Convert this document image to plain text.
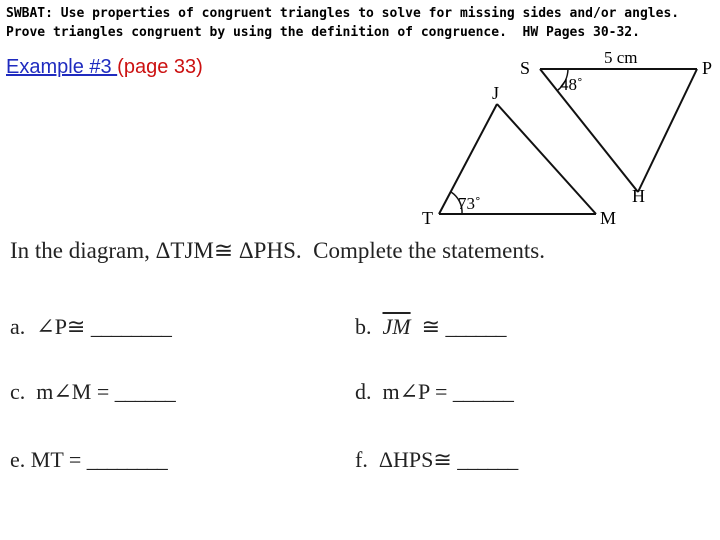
SWBAT: Use properties of congruent triangles to solve for missing sides and/or angles.
Prove triangles congruent by using the definition of congruence.  HW Pages 30-32.
Example #3 (page 33)	S	P
H
J
T	M
5 cm
48˚
73˚
In the diagram, ΔTJM≅ ΔPHS.  Complete the statements.
a. ∠P≅ ________	b. $\overline{JM}$ ≅ ______
c. m∠M = ______	d. m∠P = ______
e. MT = ________	f. ΔHPS≅ ______
